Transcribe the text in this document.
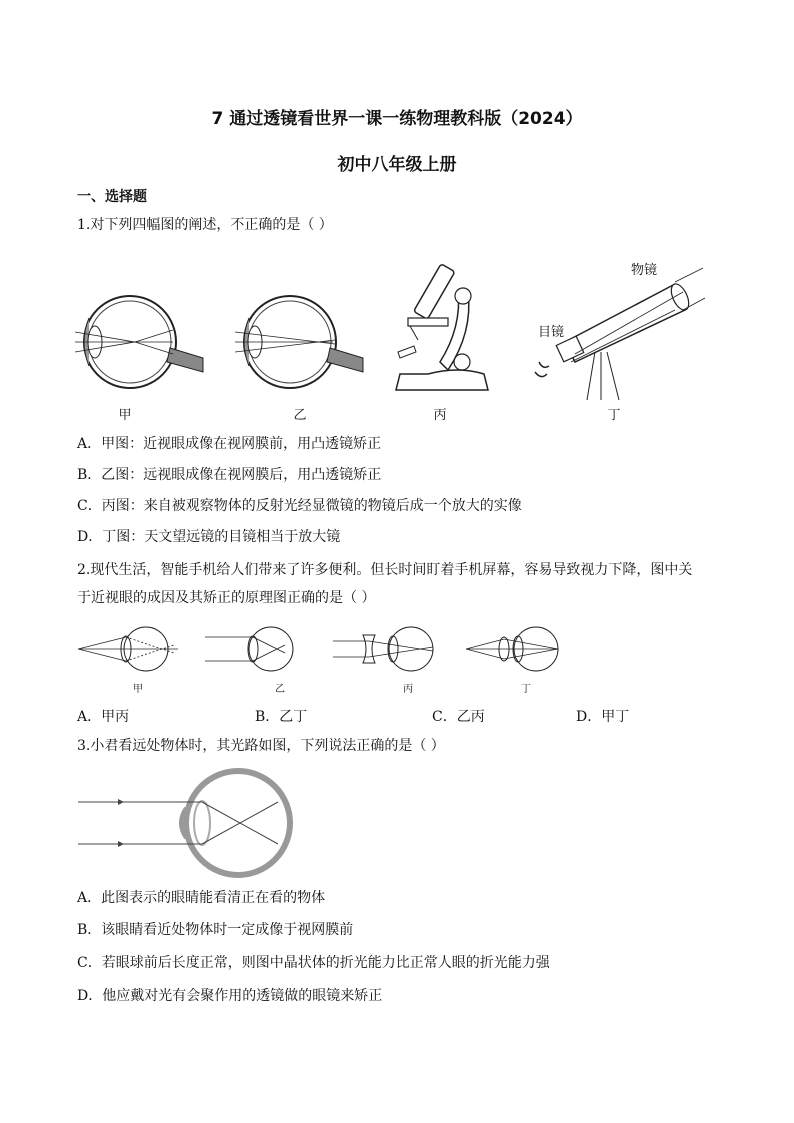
7 通过透镜看世界一课一练物理教科版（2024）
初中八年级上册
一、选择题
1.对下列四幅图的阐述，不正确的是（ ）
甲	乙	丙
物镜
目镜
丁
A．甲图：近视眼成像在视网膜前，用凸透镜矫正
B．乙图：远视眼成像在视网膜后，用凸透镜矫正
C．丙图：来自被观察物体的反射光经显微镜的物镜后成一个放大的实像
D．丁图：天文望远镜的目镜相当于放大镜
2.现代生活，智能手机给人们带来了许多便利。但长时间盯着手机屏幕，容易导致视力下降，图中关
于近视眼的成因及其矫正的原理图正确的是（ ）
甲	乙	丙	丁
A．甲丙	B．乙丁	C．乙丙	D．甲丁
3.小君看远处物体时，其光路如图，下列说法正确的是（ ）
A．此图表示的眼睛能看清正在看的物体
B．该眼睛看近处物体时一定成像于视网膜前
C．若眼球前后长度正常，则图中晶状体的折光能力比正常人眼的折光能力强
D．他应戴对光有会聚作用的透镜做的眼镜来矫正
